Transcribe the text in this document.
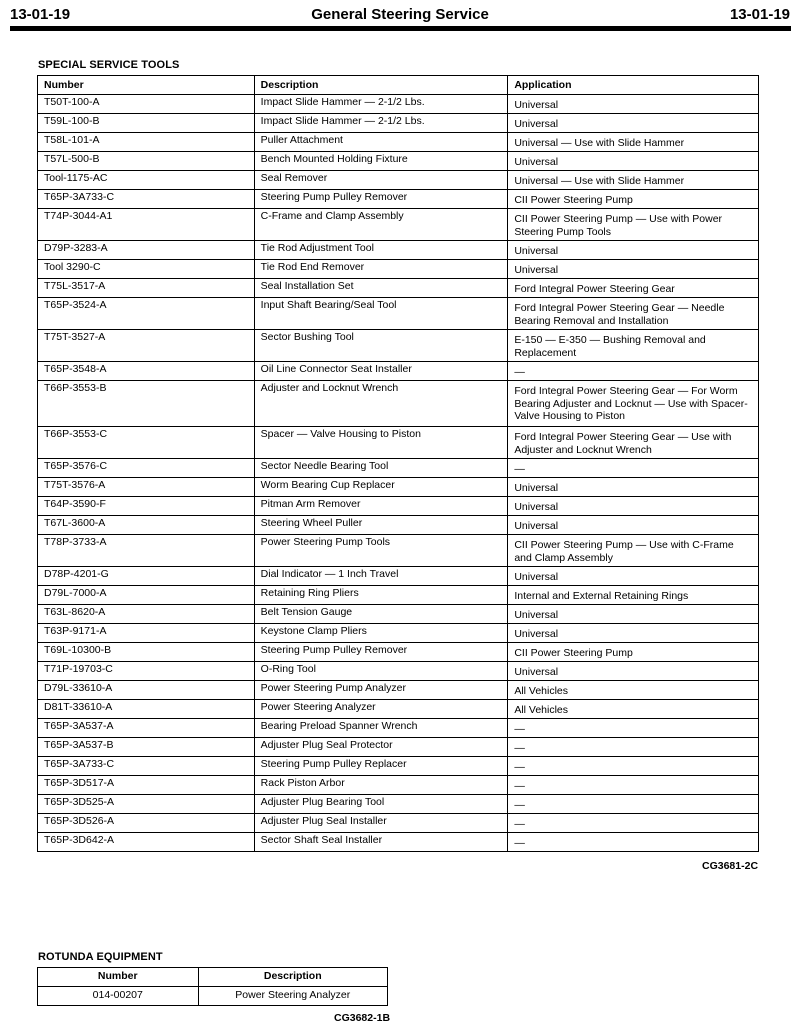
13-01-19	General Steering Service	13-01-19
SPECIAL SERVICE TOOLS
Number	Description	Application
T50T-100-A	Impact Slide Hammer — 2-1/2 Lbs.	Universal
T59L-100-B	Impact Slide Hammer — 2-1/2 Lbs.	Universal
T58L-101-A	Puller Attachment	Universal — Use with Slide Hammer
T57L-500-B	Bench Mounted Holding Fixture	Universal
Tool-1175-AC	Seal Remover	Universal — Use with Slide Hammer
T65P-3A733-C	Steering Pump Pulley Remover	CII Power Steering Pump
T74P-3044-A1	C-Frame and Clamp Assembly	CII Power Steering Pump — Use with Power Steering Pump Tools
D79P-3283-A	Tie Rod Adjustment Tool	Universal
Tool 3290-C	Tie Rod End Remover	Universal
T75L-3517-A	Seal Installation Set	Ford Integral Power Steering Gear
T65P-3524-A	Input Shaft Bearing/Seal Tool	Ford Integral Power Steering Gear — Needle Bearing Removal and Installation
T75T-3527-A	Sector Bushing Tool	E-150 — E-350 — Bushing Removal and Replacement
T65P-3548-A	Oil Line Connector Seat Installer	—
T66P-3553-B	Adjuster and Locknut Wrench	Ford Integral Power Steering Gear — For Worm Bearing Adjuster and Locknut — Use with Spacer-Valve Housing to Piston
T66P-3553-C	Spacer — Valve Housing to Piston	Ford Integral Power Steering Gear — Use with Adjuster and Locknut Wrench
T65P-3576-C	Sector Needle Bearing Tool	—
T75T-3576-A	Worm Bearing Cup Replacer	Universal
T64P-3590-F	Pitman Arm Remover	Universal
T67L-3600-A	Steering Wheel Puller	Universal
T78P-3733-A	Power Steering Pump Tools	CII Power Steering Pump — Use with C-Frame and Clamp Assembly
D78P-4201-G	Dial Indicator — 1 Inch Travel	Universal
D79L-7000-A	Retaining Ring Pliers	Internal and External Retaining Rings
T63L-8620-A	Belt Tension Gauge	Universal
T63P-9171-A	Keystone Clamp Pliers	Universal
T69L-10300-B	Steering Pump Pulley Remover	CII Power Steering Pump
T71P-19703-C	O-Ring Tool	Universal
D79L-33610-A	Power Steering Pump Analyzer	All Vehicles
D81T-33610-A	Power Steering Analyzer	All Vehicles
T65P-3A537-A	Bearing Preload Spanner Wrench	—
T65P-3A537-B	Adjuster Plug Seal Protector	—
T65P-3A733-C	Steering Pump Pulley Replacer	—
T65P-3D517-A	Rack Piston Arbor	—
T65P-3D525-A	Adjuster Plug Bearing Tool	—
T65P-3D526-A	Adjuster Plug Seal Installer	—
T65P-3D642-A	Sector Shaft Seal Installer	—
CG3681-2C
ROTUNDA EQUIPMENT
Number	Description
014-00207	Power Steering Analyzer
CG3682-1B
